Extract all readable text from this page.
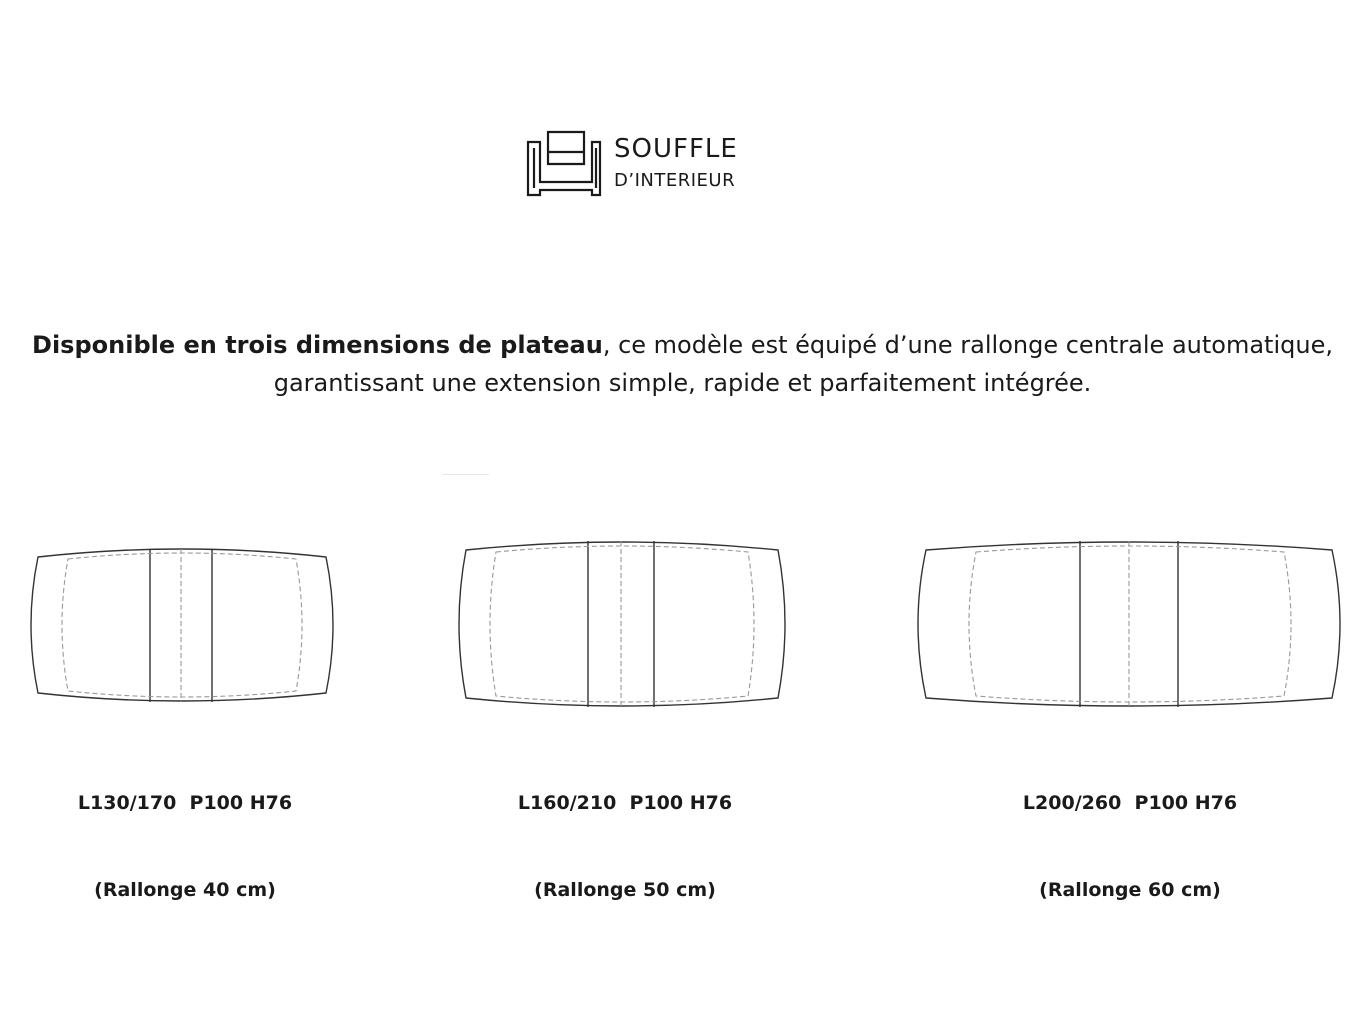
SOUFFLE
D’INTERIEUR
Disponible en trois dimensions de plateau, ce modèle est équipé d’une rallonge centrale automatique,
garantissant une extension simple, rapide et parfaitement intégrée.

L130/170  P100 H76

(Rallonge 40 cm)

L160/210  P100 H76

(Rallonge 50 cm)

L200/260  P100 H76

(Rallonge 60 cm)
